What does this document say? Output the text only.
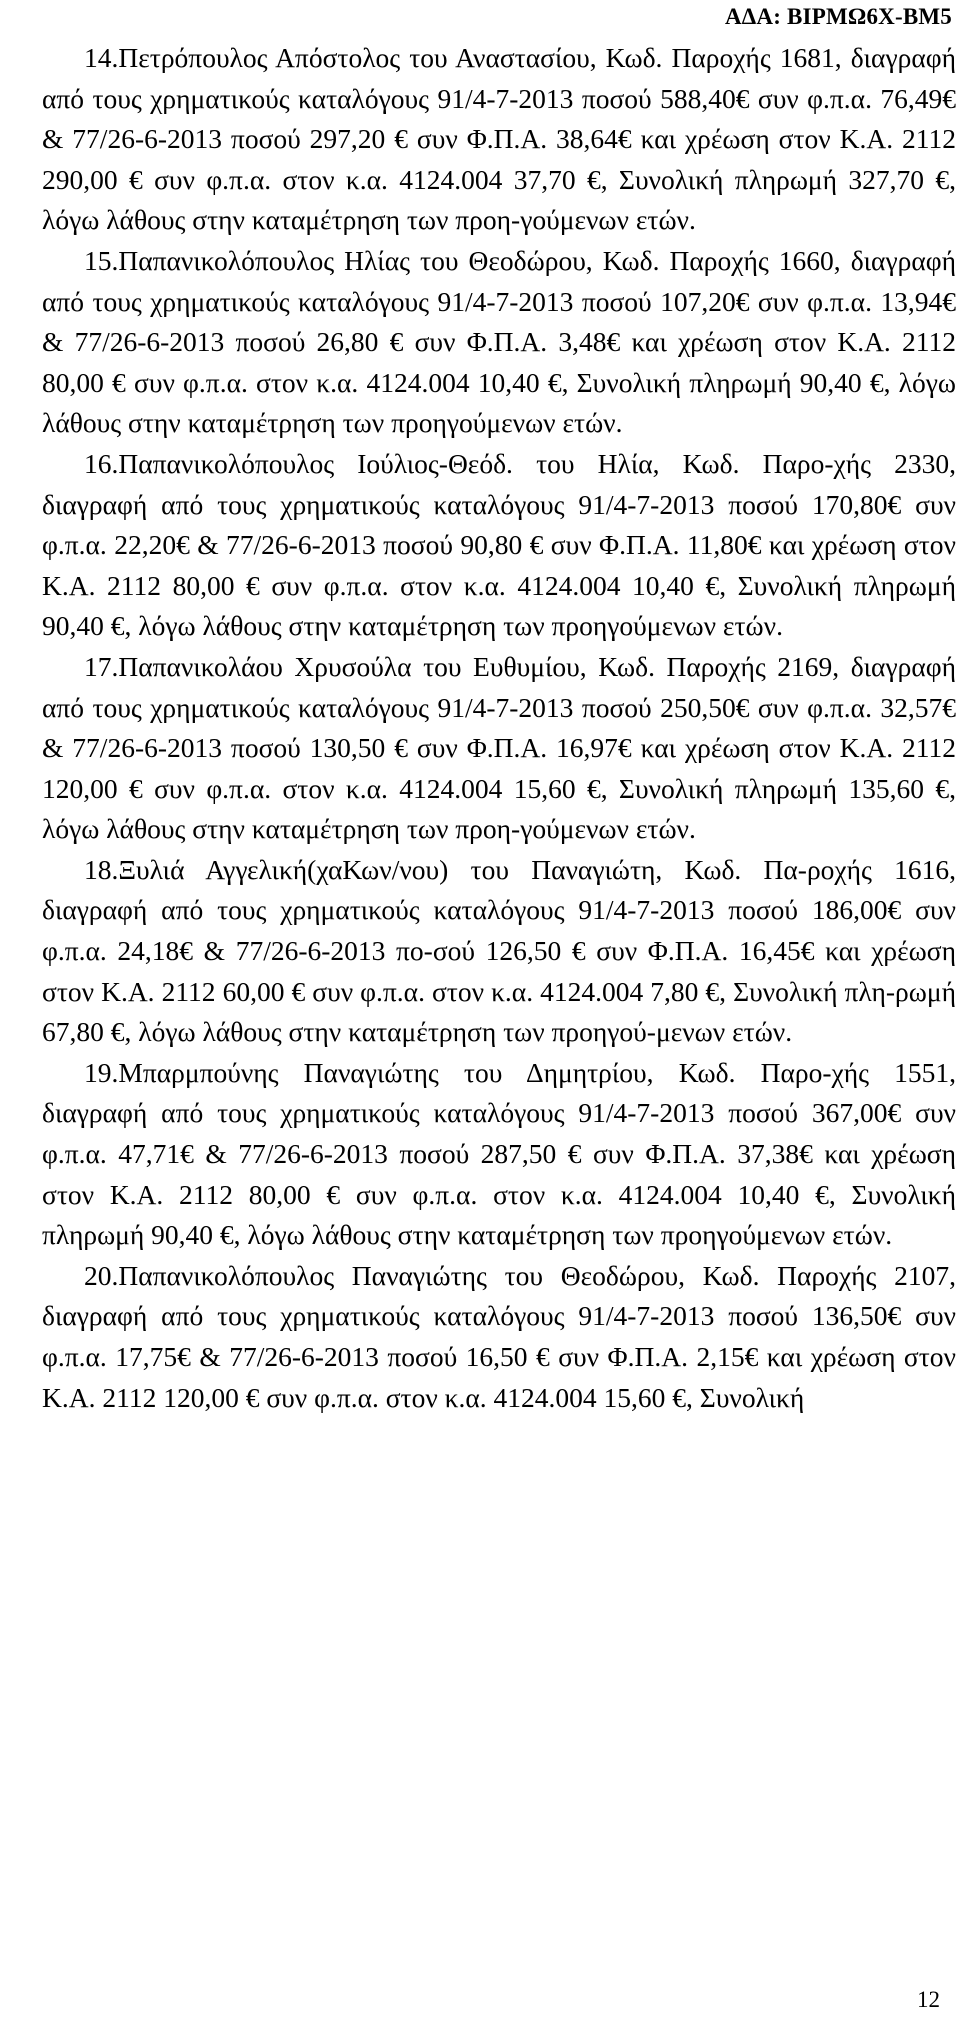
ΑΔΑ: ΒΙΡΜΩ6Χ-ΒΜ5

14.Πετρόπουλος Απόστολος του Αναστασίου, Κωδ. Παροχής 1681, διαγραφή από τους χρηματικούς καταλόγους 91/4-7-2013 ποσού 588,40€ συν φ.π.α. 76,49€ & 77/26-6-2013 ποσού 297,20 € συν Φ.Π.Α. 38,64€ και χρέωση στον Κ.Α. 2112 290,00 € συν φ.π.α. στον κ.α. 4124.004 37,70 €, Συνολική πληρωμή 327,70 €, λόγω λάθους στην καταμέτρηση των προη-γούμενων ετών.

15.Παπανικολόπουλος Ηλίας του Θεοδώρου, Κωδ. Παροχής 1660, διαγραφή από τους χρηματικούς καταλόγους 91/4-7-2013 ποσού 107,20€ συν φ.π.α. 13,94€ & 77/26-6-2013 ποσού 26,80 € συν Φ.Π.Α. 3,48€ και χρέωση στον Κ.Α. 2112 80,00 € συν φ.π.α. στον κ.α. 4124.004 10,40 €, Συνολική πληρωμή 90,40 €, λόγω λάθους στην καταμέτρηση των προηγούμενων ετών.

16.Παπανικολόπουλος Ιούλιος-Θεόδ. του Ηλία, Κωδ. Παρο-χής 2330, διαγραφή από τους χρηματικούς καταλόγους 91/4-7-2013 ποσού 170,80€ συν φ.π.α. 22,20€ & 77/26-6-2013 ποσού 90,80 € συν Φ.Π.Α. 11,80€ και χρέωση στον Κ.Α. 2112 80,00 € συν φ.π.α. στον κ.α. 4124.004 10,40 €, Συνολική πληρωμή 90,40 €, λόγω λάθους στην καταμέτρηση των προηγούμενων ετών.

17.Παπανικολάου Χρυσούλα του Ευθυμίου, Κωδ. Παροχής 2169, διαγραφή από τους χρηματικούς καταλόγους 91/4-7-2013 ποσού 250,50€ συν φ.π.α. 32,57€ & 77/26-6-2013 ποσού 130,50 € συν Φ.Π.Α. 16,97€ και χρέωση στον Κ.Α. 2112 120,00 € συν φ.π.α. στον κ.α. 4124.004 15,60 €, Συνολική πληρωμή 135,60 €, λόγω λάθους στην καταμέτρηση των προη-γούμενων ετών.

18.Ξυλιά Αγγελική(χαΚων/νου) του Παναγιώτη, Κωδ. Πα-ροχής 1616, διαγραφή από τους χρηματικούς καταλόγους 91/4-7-2013 ποσού 186,00€ συν φ.π.α. 24,18€ & 77/26-6-2013 πο-σού 126,50 € συν Φ.Π.Α. 16,45€ και χρέωση στον Κ.Α. 2112 60,00 € συν φ.π.α. στον κ.α. 4124.004 7,80 €, Συνολική πλη-ρωμή 67,80 €, λόγω λάθους στην καταμέτρηση των προηγού-μενων ετών.

19.Μπαρμπούνης Παναγιώτης του Δημητρίου, Κωδ. Παρο-χής 1551, διαγραφή από τους χρηματικούς καταλόγους 91/4-7-2013 ποσού 367,00€ συν φ.π.α. 47,71€ & 77/26-6-2013 ποσού 287,50 € συν Φ.Π.Α. 37,38€ και χρέωση στον Κ.Α. 2112 80,00 € συν φ.π.α. στον κ.α. 4124.004 10,40 €, Συνολική πληρωμή 90,40 €, λόγω λάθους στην καταμέτρηση των προηγούμενων ετών.

20.Παπανικολόπουλος Παναγιώτης του Θεοδώρου, Κωδ. Παροχής 2107, διαγραφή από τους χρηματικούς καταλόγους 91/4-7-2013 ποσού 136,50€ συν φ.π.α. 17,75€ & 77/26-6-2013 ποσού 16,50 € συν Φ.Π.Α. 2,15€ και χρέωση στον Κ.Α. 2112 120,00 € συν φ.π.α. στον κ.α. 4124.004 15,60 €, Συνολική

12
